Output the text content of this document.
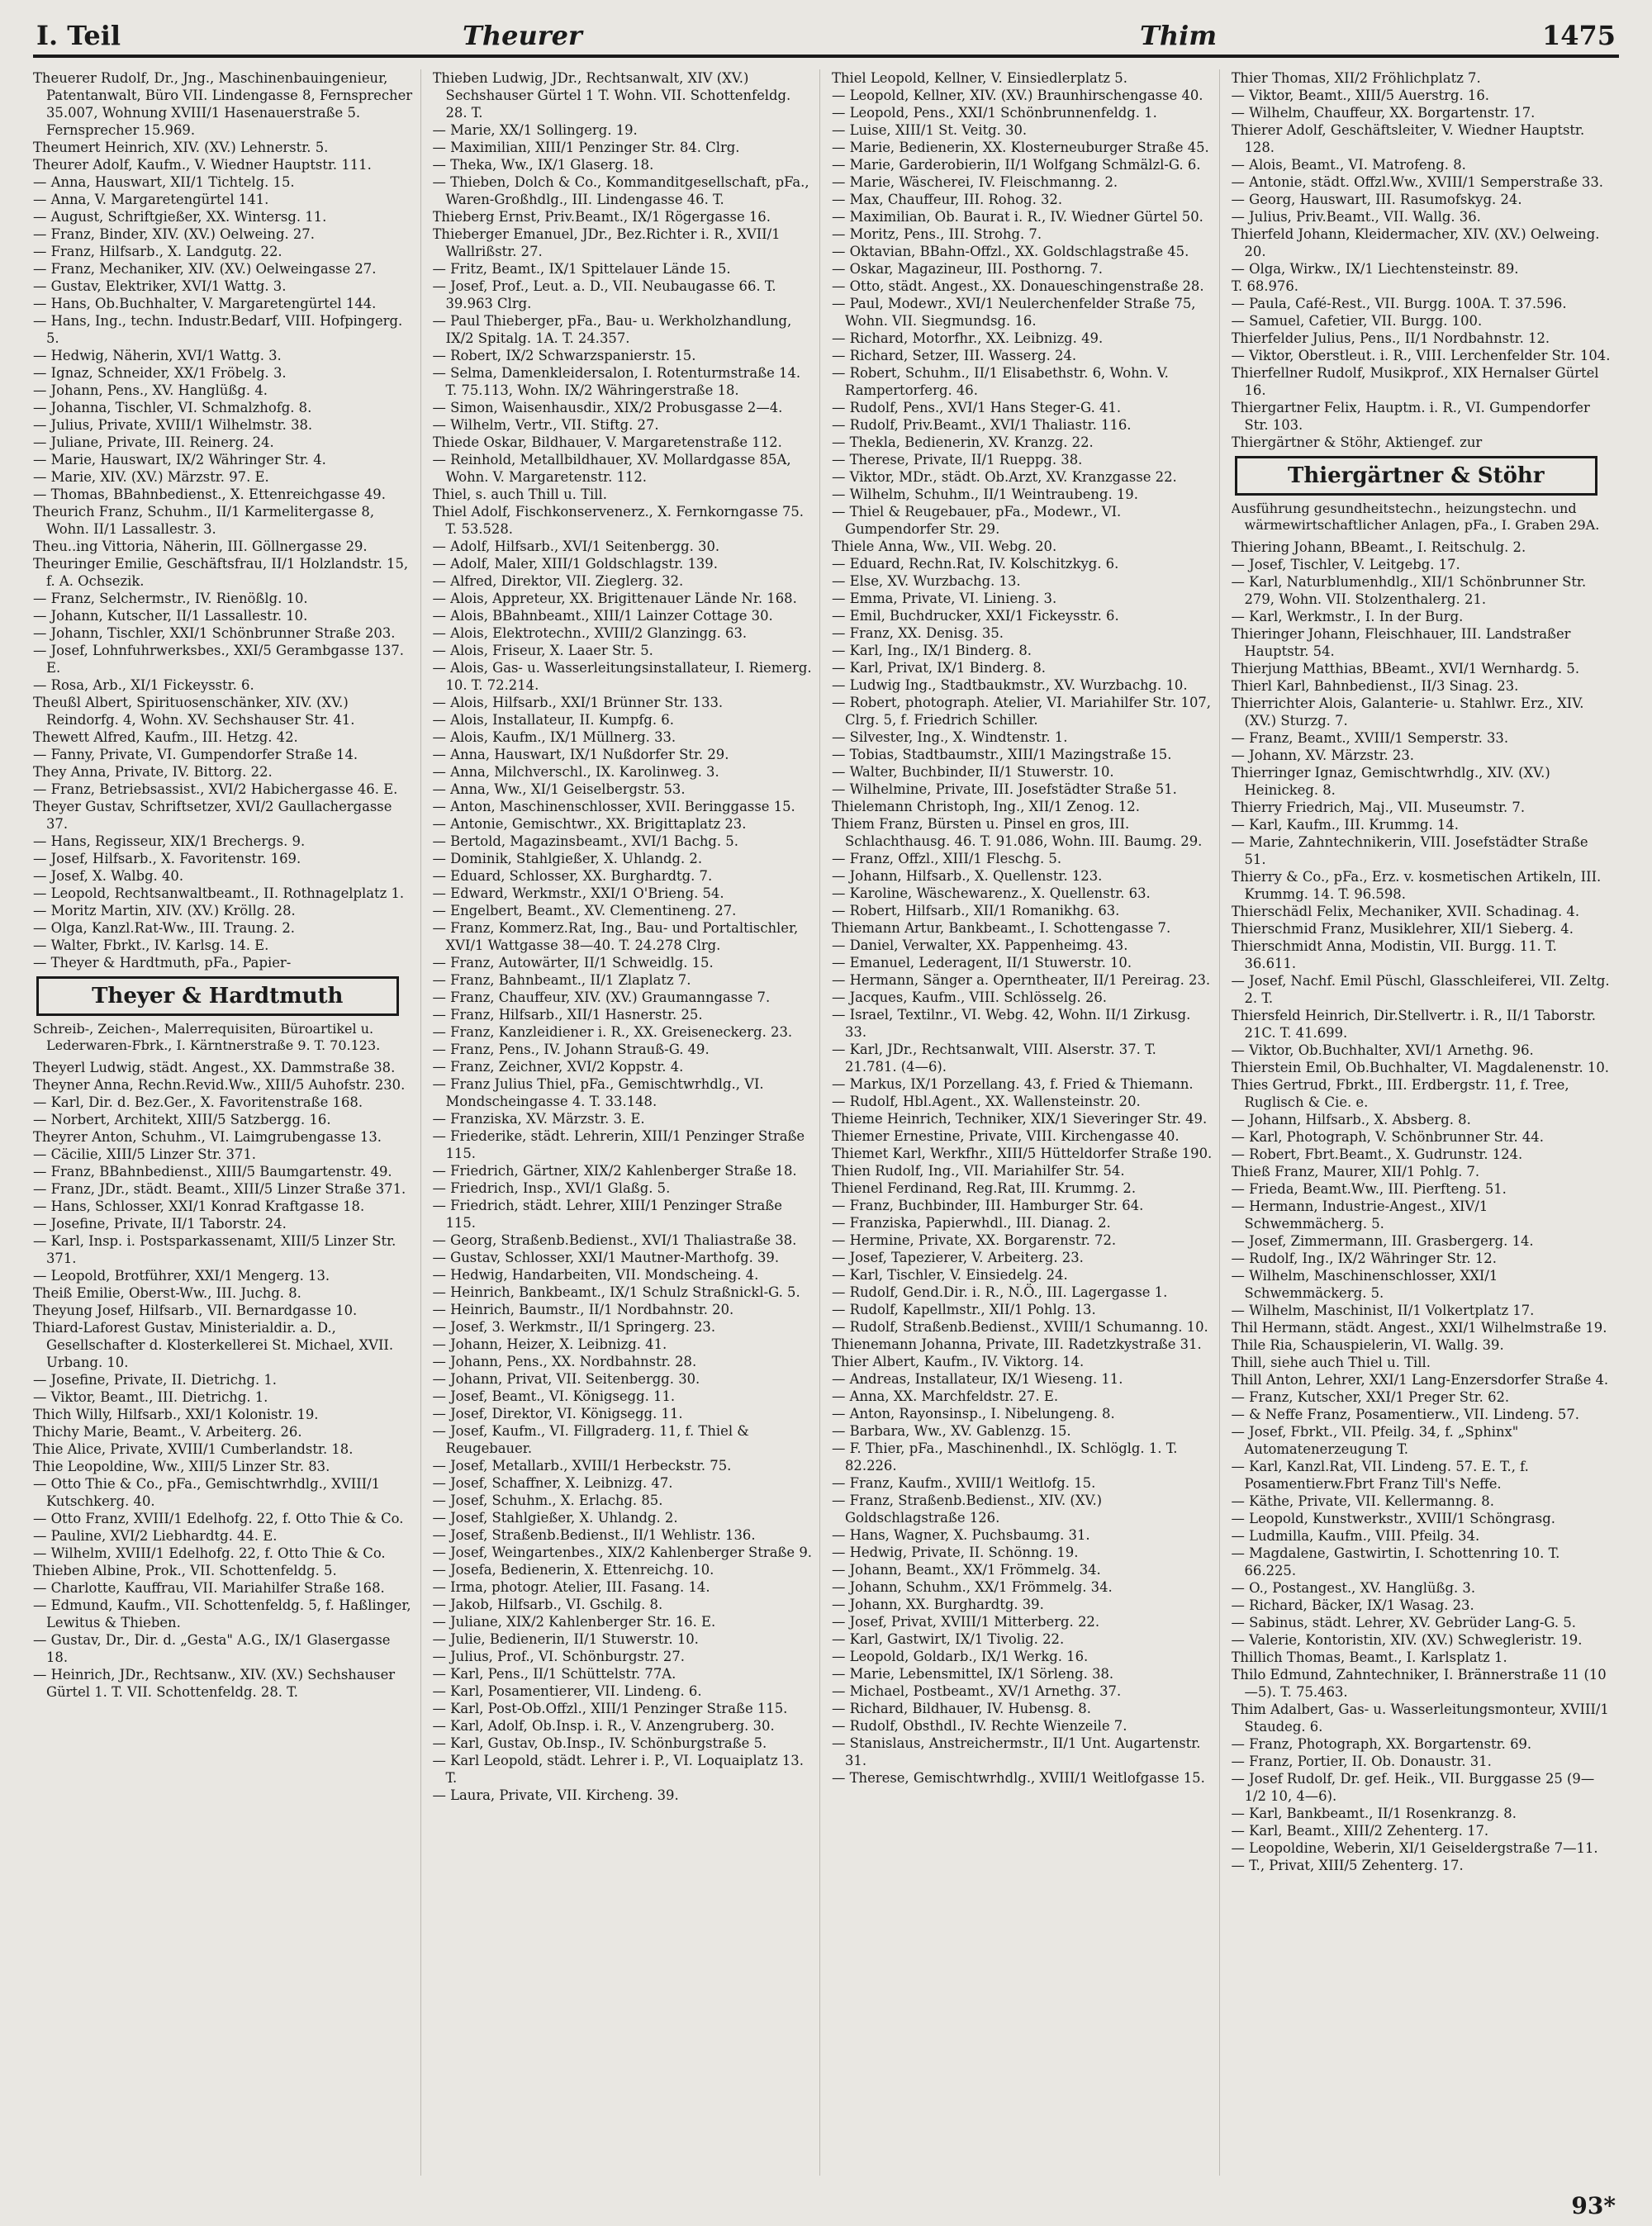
I. Teil	Theurer	Thim	1475
Theuerer Rudolf, Dr., Jng., Maschinenbauingenieur, Patentanwalt, Büro VII. Lindengasse 8, Fernsprecher 35.007, Wohnung XVIII/1 Hasenauerstraße 5. Fernsprecher 15.969.
Theumert Heinrich, XIV. (XV.) Lehnerstr. 5.
Theurer Adolf, Kaufm., V. Wiedner Hauptstr. 111.
— Anna, Hauswart, XII/1 Tichtelg. 15.
— Anna, V. Margaretengürtel 141.
— August, Schriftgießer, XX. Wintersg. 11.
— Franz, Binder, XIV. (XV.) Oelweing. 27.
— Franz, Hilfsarb., X. Landgutg. 22.
— Franz, Mechaniker, XIV. (XV.) Oelweingasse 27.
— Gustav, Elektriker, XVI/1 Wattg. 3.
— Hans, Ob.Buchhalter, V. Margaretengürtel 144.
— Hans, Ing., techn. Industr.Bedarf, VIII. Hofpingerg. 5.
— Hedwig, Näherin, XVI/1 Wattg. 3.
— Ignaz, Schneider, XX/1 Fröbelg. 3.
— Johann, Pens., XV. Hanglüßg. 4.
— Johanna, Tischler, VI. Schmalzhofg. 8.
— Julius, Private, XVIII/1 Wilhelmstr. 38.
— Juliane, Private, III. Reinerg. 24.
— Marie, Hauswart, IX/2 Währinger Str. 4.
— Marie, XIV. (XV.) Märzstr. 97. E.
— Thomas, BBahnbedienst., X. Ettenreichgasse 49.
Theurich Franz, Schuhm., II/1 Karmelitergasse 8, Wohn. II/1 Lassallestr. 3.
Theu..ing Vittoria, Näherin, III. Göllnergasse 29.
Theuringer Emilie, Geschäftsfrau, II/1 Holzlandstr. 15, f. A. Ochsezik.
— Franz, Selchermstr., IV. Rienößlg. 10.
— Johann, Kutscher, II/1 Lassallestr. 10.
— Johann, Tischler, XXI/1 Schönbrunner Straße 203.
— Josef, Lohnfuhrwerksbes., XXI/5 Gerambgasse 137. E.
— Rosa, Arb., XI/1 Fickeysstr. 6.
Theußl Albert, Spirituosenschänker, XIV. (XV.) Reindorfg. 4, Wohn. XV. Sechshauser Str. 41.
Thewett Alfred, Kaufm., III. Hetzg. 42.
— Fanny, Private, VI. Gumpendorfer Straße 14.
They Anna, Private, IV. Bittorg. 22.
— Franz, Betriebsassist., XVI/2 Habichergasse 46. E.
Theyer Gustav, Schriftsetzer, XVI/2 Gaullachergasse 37.
— Hans, Regisseur, XIX/1 Brechergs. 9.
— Josef, Hilfsarb., X. Favoritenstr. 169.
— Josef, X. Walbg. 40.
— Leopold, Rechtsanwaltbeamt., II. Rothnagelplatz 1.
— Moritz Martin, XIV. (XV.) Kröllg. 28.
— Olga, Kanzl.Rat-Ww., III. Traung. 2.
— Walter, Fbrkt., IV. Karlsg. 14. E.
— Theyer & Hardtmuth, pFa., Papier-
Theyer & Hardtmuth
Schreib-, Zeichen-, Malerrequisiten, Büroartikel u. Lederwaren-Fbrk., I. Kärntnerstraße 9. T. 70.123.
Theyerl Ludwig, städt. Angest., XX. Dammstraße 38.
Theyner Anna, Rechn.Revid.Ww., XIII/5 Auhofstr. 230.
— Karl, Dir. d. Bez.Ger., X. Favoritenstraße 168.
— Norbert, Architekt, XIII/5 Satzbergg. 16.
Theyrer Anton, Schuhm., VI. Laimgrubengasse 13.
— Cäcilie, XIII/5 Linzer Str. 371.
— Franz, BBahnbedienst., XIII/5 Baumgartenstr. 49.
— Franz, JDr., städt. Beamt., XIII/5 Linzer Straße 371.
— Hans, Schlosser, XXI/1 Konrad Kraftgasse 18.
— Josefine, Private, II/1 Taborstr. 24.
— Karl, Insp. i. Postsparkassenamt, XIII/5 Linzer Str. 371.
— Leopold, Brotführer, XXI/1 Mengerg. 13.
Theiß Emilie, Oberst-Ww., III. Juchg. 8.
Theyung Josef, Hilfsarb., VII. Bernardgasse 10.
Thiard-Laforest Gustav, Ministerialdir. a. D., Gesellschafter d. Klosterkellerei St. Michael, XVII. Urbang. 10.
— Josefine, Private, II. Dietrichg. 1.
— Viktor, Beamt., III. Dietrichg. 1.
Thich Willy, Hilfsarb., XXI/1 Kolonistr. 19.
Thichy Marie, Beamt., V. Arbeiterg. 26.
Thie Alice, Private, XVIII/1 Cumberlandstr. 18.
Thie Leopoldine, Ww., XIII/5 Linzer Str. 83.
— Otto Thie & Co., pFa., Gemischtwrhdlg., XVIII/1 Kutschkerg. 40.
— Otto Franz, XVIII/1 Edelhofg. 22, f. Otto Thie & Co.
— Pauline, XVI/2 Liebhardtg. 44. E.
— Wilhelm, XVIII/1 Edelhofg. 22, f. Otto Thie & Co.
Thieben Albine, Prok., VII. Schottenfeldg. 5.
— Charlotte, Kauffrau, VII. Mariahilfer Straße 168.
— Edmund, Kaufm., VII. Schottenfeldg. 5, f. Haßlinger, Lewitus & Thieben.
— Gustav, Dr., Dir. d. „Gesta" A.G., IX/1 Glasergasse 18.
— Heinrich, JDr., Rechtsanw., XIV. (XV.) Sechshauser Gürtel 1. T. VII. Schottenfeldg. 28. T.
Thieben Ludwig, JDr., Rechtsanwalt, XIV (XV.) Sechshauser Gürtel 1 T. Wohn. VII. Schottenfeldg. 28. T.
— Marie, XX/1 Sollingerg. 19.
— Maximilian, XIII/1 Penzinger Str. 84. Clrg.
— Theka, Ww., IX/1 Glaserg. 18.
— Thieben, Dolch & Co., Kommanditgesellschaft, pFa., Waren-Großhdlg., III. Lindengasse 46. T.
Thieberg Ernst, Priv.Beamt., IX/1 Rögergasse 16.
Thieberger Emanuel, JDr., Bez.Richter i. R., XVII/1 Wallrißstr. 27.
— Fritz, Beamt., IX/1 Spittelauer Lände 15.
— Josef, Prof., Leut. a. D., VII. Neubaugasse 66. T. 39.963 Clrg.
— Paul Thieberger, pFa., Bau- u. Werkholzhandlung, IX/2 Spitalg. 1A. T. 24.357.
— Robert, IX/2 Schwarzspanierstr. 15.
— Selma, Damenkleidersalon, I. Rotenturmstraße 14. T. 75.113, Wohn. IX/2 Währingerstraße 18.
— Simon, Waisenhausdir., XIX/2 Probusgasse 2—4.
— Wilhelm, Vertr., VII. Stiftg. 27.
Thiede Oskar, Bildhauer, V. Margaretenstraße 112.
— Reinhold, Metallbildhauer, XV. Mollardgasse 85A, Wohn. V. Margaretenstr. 112.
Thiel, s. auch Thill u. Till.
Thiel Adolf, Fischkonservenerz., X. Fernkorngasse 75. T. 53.528.
— Adolf, Hilfsarb., XVI/1 Seitenbergg. 30.
— Adolf, Maler, XIII/1 Goldschlagstr. 139.
— Alfred, Direktor, VII. Zieglerg. 32.
— Alois, Appreteur, XX. Brigittenauer Lände Nr. 168.
— Alois, BBahnbeamt., XIII/1 Lainzer Cottage 30.
— Alois, Elektrotechn., XVIII/2 Glanzingg. 63.
— Alois, Friseur, X. Laaer Str. 5.
— Alois, Gas- u. Wasserleitungsinstallateur, I. Riemerg. 10. T. 72.214.
— Alois, Hilfsarb., XXI/1 Brünner Str. 133.
— Alois, Installateur, II. Kumpfg. 6.
— Alois, Kaufm., IX/1 Müllnerg. 33.
— Anna, Hauswart, IX/1 Nußdorfer Str. 29.
— Anna, Milchverschl., IX. Karolinweg. 3.
— Anna, Ww., XI/1 Geiselbergstr. 53.
— Anton, Maschinenschlosser, XVII. Beringgasse 15.
— Antonie, Gemischtwr., XX. Brigittaplatz 23.
— Bertold, Magazinsbeamt., XVI/1 Bachg. 5.
— Dominik, Stahlgießer, X. Uhlandg. 2.
— Eduard, Schlosser, XX. Burghardtg. 7.
— Edward, Werkmstr., XXI/1 O'Brieng. 54.
— Engelbert, Beamt., XV. Clementineng. 27.
— Franz, Kommerz.Rat, Ing., Bau- und Portaltischler, XVI/1 Wattgasse 38—40. T. 24.278 Clrg.
— Franz, Autowärter, II/1 Schweidlg. 15.
— Franz, Bahnbeamt., II/1 Zlaplatz 7.
— Franz, Chauffeur, XIV. (XV.) Graumanngasse 7.
— Franz, Hilfsarb., XII/1 Hasnerstr. 25.
— Franz, Kanzleidiener i. R., XX. Greiseneckerg. 23.
— Franz, Pens., IV. Johann Strauß-G. 49.
— Franz, Zeichner, XVI/2 Koppstr. 4.
— Franz Julius Thiel, pFa., Gemischtwrhdlg., VI. Mondscheingasse 4. T. 33.148.
— Franziska, XV. Märzstr. 3. E.
— Friederike, städt. Lehrerin, XIII/1 Penzinger Straße 115.
— Friedrich, Gärtner, XIX/2 Kahlenberger Straße 18.
— Friedrich, Insp., XVI/1 Glaßg. 5.
— Friedrich, städt. Lehrer, XIII/1 Penzinger Straße 115.
— Georg, Straßenb.Bedienst., XVI/1 Thaliastraße 38.
— Gustav, Schlosser, XXI/1 Mautner-Marthofg. 39.
— Hedwig, Handarbeiten, VII. Mondscheing. 4.
— Heinrich, Bankbeamt., IX/1 Schulz Straßnickl-G. 5.
— Heinrich, Baumstr., II/1 Nordbahnstr. 20.
— Josef, 3. Werkmstr., II/1 Springerg. 23.
— Johann, Heizer, X. Leibnizg. 41.
— Johann, Pens., XX. Nordbahnstr. 28.
— Johann, Privat, VII. Seitenbergg. 30.
— Josef, Beamt., VI. Königsegg. 11.
— Josef, Direktor, VI. Königsegg. 11.
— Josef, Kaufm., VI. Fillgraderg. 11, f. Thiel & Reugebauer.
— Josef, Metallarb., XVIII/1 Herbeckstr. 75.
— Josef, Schaffner, X. Leibnizg. 47.
— Josef, Schuhm., X. Erlachg. 85.
— Josef, Stahlgießer, X. Uhlandg. 2.
— Josef, Straßenb.Bedienst., II/1 Wehlistr. 136.
— Josef, Weingartenbes., XIX/2 Kahlenberger Straße 9.
— Josefa, Bedienerin, X. Ettenreichg. 10.
— Irma, photogr. Atelier, III. Fasang. 14.
— Jakob, Hilfsarb., VI. Gschilg. 8.
— Juliane, XIX/2 Kahlenberger Str. 16. E.
— Julie, Bedienerin, II/1 Stuwerstr. 10.
— Julius, Prof., VI. Schönburgstr. 27.
— Karl, Pens., II/1 Schüttelstr. 77A.
— Karl, Posamentierer, VII. Lindeng. 6.
— Karl, Post-Ob.Offzl., XIII/1 Penzinger Straße 115.
— Karl, Adolf, Ob.Insp. i. R., V. Anzengruberg. 30.
— Karl, Gustav, Ob.Insp., IV. Schönburgstraße 5.
— Karl Leopold, städt. Lehrer i. P., VI. Loquaiplatz 13. T.
— Laura, Private, VII. Kircheng. 39.
Thiel Leopold, Kellner, V. Einsiedlerplatz 5.
— Leopold, Kellner, XIV. (XV.) Braunhirschengasse 40.
— Leopold, Pens., XXI/1 Schönbrunnenfeldg. 1.
— Luise, XIII/1 St. Veitg. 30.
— Marie, Bedienerin, XX. Klosterneuburger Straße 45.
— Marie, Garderobierin, II/1 Wolfgang Schmälzl-G. 6.
— Marie, Wäscherei, IV. Fleischmanng. 2.
— Max, Chauffeur, III. Rohog. 32.
— Maximilian, Ob. Baurat i. R., IV. Wiedner Gürtel 50.
— Moritz, Pens., III. Strohg. 7.
— Oktavian, BBahn-Offzl., XX. Goldschlagstraße 45.
— Oskar, Magazineur, III. Posthorng. 7.
— Otto, städt. Angest., XX. Donaueschingenstraße 28.
— Paul, Modewr., XVI/1 Neulerchenfelder Straße 75, Wohn. VII. Siegmundsg. 16.
— Richard, Motorfhr., XX. Leibnizg. 49.
— Richard, Setzer, III. Wasserg. 24.
— Robert, Schuhm., II/1 Elisabethstr. 6, Wohn. V. Rampertorferg. 46.
— Rudolf, Pens., XVI/1 Hans Steger-G. 41.
— Rudolf, Priv.Beamt., XVI/1 Thaliastr. 116.
— Thekla, Bedienerin, XV. Kranzg. 22.
— Therese, Private, II/1 Rueppg. 38.
— Viktor, MDr., städt. Ob.Arzt, XV. Kranzgasse 22.
— Wilhelm, Schuhm., II/1 Weintraubeng. 19.
— Thiel & Reugebauer, pFa., Modewr., VI. Gumpendorfer Str. 29.
Thiele Anna, Ww., VII. Webg. 20.
— Eduard, Rechn.Rat, IV. Kolschitzkyg. 6.
— Else, XV. Wurzbachg. 13.
— Emma, Private, VI. Linieng. 3.
— Emil, Buchdrucker, XXI/1 Fickeysstr. 6.
— Franz, XX. Denisg. 35.
— Karl, Ing., IX/1 Binderg. 8.
— Karl, Privat, IX/1 Binderg. 8.
— Ludwig Ing., Stadtbaukmstr., XV. Wurzbachg. 10.
— Robert, photograph. Atelier, VI. Mariahilfer Str. 107, Clrg. 5, f. Friedrich Schiller.
— Silvester, Ing., X. Windtenstr. 1.
— Tobias, Stadtbaumstr., XIII/1 Mazingstraße 15.
— Walter, Buchbinder, II/1 Stuwerstr. 10.
— Wilhelmine, Private, III. Josefstädter Straße 51.
Thielemann Christoph, Ing., XII/1 Zenog. 12.
Thiem Franz, Bürsten u. Pinsel en gros, III. Schlachthausg. 46. T. 91.086, Wohn. III. Baumg. 29.
— Franz, Offzl., XIII/1 Fleschg. 5.
— Johann, Hilfsarb., X. Quellenstr. 123.
— Karoline, Wäschewarenz., X. Quellenstr. 63.
— Robert, Hilfsarb., XII/1 Romanikhg. 63.
Thiemann Artur, Bankbeamt., I. Schottengasse 7.
— Daniel, Verwalter, XX. Pappenheimg. 43.
— Emanuel, Lederagent, II/1 Stuwerstr. 10.
— Hermann, Sänger a. Operntheater, II/1 Pereirag. 23.
— Jacques, Kaufm., VIII. Schlösselg. 26.
— Israel, Textilnr., VI. Webg. 42, Wohn. II/1 Zirkusg. 33.
— Karl, JDr., Rechtsanwalt, VIII. Alserstr. 37. T. 21.781. (4—6).
— Markus, IX/1 Porzellang. 43, f. Fried & Thiemann.
— Rudolf, Hbl.Agent., XX. Wallensteinstr. 20.
Thieme Heinrich, Techniker, XIX/1 Sieveringer Str. 49.
Thiemer Ernestine, Private, VIII. Kirchengasse 40.
Thiemet Karl, Werkfhr., XIII/5 Hütteldorfer Straße 190.
Thien Rudolf, Ing., VII. Mariahilfer Str. 54.
Thienel Ferdinand, Reg.Rat, III. Krummg. 2.
— Franz, Buchbinder, III. Hamburger Str. 64.
— Franziska, Papierwhdl., III. Dianag. 2.
— Hermine, Private, XX. Borgarenstr. 72.
— Josef, Tapezierer, V. Arbeiterg. 23.
— Karl, Tischler, V. Einsiedelg. 24.
— Rudolf, Gend.Dir. i. R., N.Ö., III. Lagergasse 1.
— Rudolf, Kapellmstr., XII/1 Pohlg. 13.
— Rudolf, Straßenb.Bedienst., XVIII/1 Schumanng. 10.
Thienemann Johanna, Private, III. Radetzkystraße 31.
Thier Albert, Kaufm., IV. Viktorg. 14.
— Andreas, Installateur, IX/1 Wieseng. 11.
— Anna, XX. Marchfeldstr. 27. E.
— Anton, Rayonsinsp., I. Nibelungeng. 8.
— Barbara, Ww., XV. Gablenzg. 15.
— F. Thier, pFa., Maschinenhdl., IX. Schlöglg. 1. T. 82.226.
— Franz, Kaufm., XVIII/1 Weitlofg. 15.
— Franz, Straßenb.Bedienst., XIV. (XV.) Goldschlagstraße 126.
— Hans, Wagner, X. Puchsbaumg. 31.
— Hedwig, Private, II. Schönng. 19.
— Johann, Beamt., XX/1 Frömmelg. 34.
— Johann, Schuhm., XX/1 Frömmelg. 34.
— Johann, XX. Burghardtg. 39.
— Josef, Privat, XVIII/1 Mitterberg. 22.
— Karl, Gastwirt, IX/1 Tivolig. 22.
— Leopold, Goldarb., IX/1 Werkg. 16.
— Marie, Lebensmittel, IX/1 Sörleng. 38.
— Michael, Postbeamt., XV/1 Arnethg. 37.
— Richard, Bildhauer, IV. Hubensg. 8.
— Rudolf, Obsthdl., IV. Rechte Wienzeile 7.
— Stanislaus, Anstreichermstr., II/1 Unt. Augartenstr. 31.
— Therese, Gemischtwrhdlg., XVIII/1 Weitlofgasse 15.
Thier Thomas, XII/2 Fröhlichplatz 7.
— Viktor, Beamt., XIII/5 Auerstrg. 16.
— Wilhelm, Chauffeur, XX. Borgartenstr. 17.
Thierer Adolf, Geschäftsleiter, V. Wiedner Hauptstr. 128.
— Alois, Beamt., VI. Matrofeng. 8.
— Antonie, städt. Offzl.Ww., XVIII/1 Semperstraße 33.
— Georg, Hauswart, III. Rasumofskyg. 24.
— Julius, Priv.Beamt., VII. Wallg. 36.
Thierfeld Johann, Kleidermacher, XIV. (XV.) Oelweing. 20.
— Olga, Wirkw., IX/1 Liechtensteinstr. 89.
T. 68.976.
— Paula, Café-Rest., VII. Burgg. 100A. T. 37.596.
— Samuel, Cafetier, VII. Burgg. 100.
Thierfelder Julius, Pens., II/1 Nordbahnstr. 12.
— Viktor, Oberstleut. i. R., VIII. Lerchenfelder Str. 104.
Thierfellner Rudolf, Musikprof., XIX Hernalser Gürtel 16.
Thiergartner Felix, Hauptm. i. R., VI. Gumpendorfer Str. 103.
Thiergärtner & Stöhr, Aktiengef. zur
Thiergärtner & Stöhr
Ausführung gesundheitstechn., heizungstechn. und wärmewirtschaftlicher Anlagen, pFa., I. Graben 29A.
Thiering Johann, BBeamt., I. Reitschulg. 2.
— Josef, Tischler, V. Leitgebg. 17.
— Karl, Naturblumenhdlg., XII/1 Schönbrunner Str. 279, Wohn. VII. Stolzenthalerg. 21.
— Karl, Werkmstr., I. In der Burg.
Thieringer Johann, Fleischhauer, III. Landstraßer Hauptstr. 54.
Thierjung Matthias, BBeamt., XVI/1 Wernhardg. 5.
Thierl Karl, Bahnbedienst., II/3 Sinag. 23.
Thierrichter Alois, Galanterie- u. Stahlwr. Erz., XIV. (XV.) Sturzg. 7.
— Franz, Beamt., XVIII/1 Semperstr. 33.
— Johann, XV. Märzstr. 23.
Thierringer Ignaz, Gemischtwrhdlg., XIV. (XV.) Heinickeg. 8.
Thierry Friedrich, Maj., VII. Museumstr. 7.
— Karl, Kaufm., III. Krummg. 14.
— Marie, Zahntechnikerin, VIII. Josefstädter Straße 51.
Thierry & Co., pFa., Erz. v. kosmetischen Artikeln, III. Krummg. 14. T. 96.598.
Thierschädl Felix, Mechaniker, XVII. Schadinag. 4.
Thierschmid Franz, Musiklehrer, XII/1 Sieberg. 4.
Thierschmidt Anna, Modistin, VII. Burgg. 11. T. 36.611.
— Josef, Nachf. Emil Püschl, Glasschleiferei, VII. Zeltg. 2. T.
Thiersfeld Heinrich, Dir.Stellvertr. i. R., II/1 Taborstr. 21C. T. 41.699.
— Viktor, Ob.Buchhalter, XVI/1 Arnethg. 96.
Thierstein Emil, Ob.Buchhalter, VI. Magdalenenstr. 10.
Thies Gertrud, Fbrkt., III. Erdbergstr. 11, f. Tree, Ruglisch & Cie. e.
— Johann, Hilfsarb., X. Absberg. 8.
— Karl, Photograph, V. Schönbrunner Str. 44.
— Robert, Fbrt.Beamt., X. Gudrunstr. 124.
Thieß Franz, Maurer, XII/1 Pohlg. 7.
— Frieda, Beamt.Ww., III. Pierfteng. 51.
— Hermann, Industrie-Angest., XIV/1 Schwemmächerg. 5.
— Josef, Zimmermann, III. Grasbergerg. 14.
— Rudolf, Ing., IX/2 Währinger Str. 12.
— Wilhelm, Maschinenschlosser, XXI/1 Schwemmäckerg. 5.
— Wilhelm, Maschinist, II/1 Volkertplatz 17.
Thil Hermann, städt. Angest., XXI/1 Wilhelmstraße 19.
Thile Ria, Schauspielerin, VI. Wallg. 39.
Thill, siehe auch Thiel u. Till.
Thill Anton, Lehrer, XXI/1 Lang-Enzersdorfer Straße 4.
— Franz, Kutscher, XXI/1 Preger Str. 62.
— & Neffe Franz, Posamentierw., VII. Lindeng. 57.
— Josef, Fbrkt., VII. Pfeilg. 34, f. „Sphinx" Automatenerzeugung T.
— Karl, Kanzl.Rat, VII. Lindeng. 57. E. T., f. Posamentierw.Fbrt Franz Till's Neffe.
— Käthe, Private, VII. Kellermanng. 8.
— Leopold, Kunstwerkstr., XVIII/1 Schöngrasg.
— Ludmilla, Kaufm., VIII. Pfeilg. 34.
— Magdalene, Gastwirtin, I. Schottenring 10. T. 66.225.
— O., Postangest., XV. Hanglüßg. 3.
— Richard, Bäcker, IX/1 Wasag. 23.
— Sabinus, städt. Lehrer, XV. Gebrüder Lang-G. 5.
— Valerie, Kontoristin, XIV. (XV.) Schwegleristr. 19.
Thillich Thomas, Beamt., I. Karlsplatz 1.
Thilo Edmund, Zahntechniker, I. Brännerstraße 11 (10—5). T. 75.463.
Thim Adalbert, Gas- u. Wasserleitungsmonteur, XVIII/1 Staudeg. 6.
— Franz, Photograph, XX. Borgartenstr. 69.
— Franz, Portier, II. Ob. Donaustr. 31.
— Josef Rudolf, Dr. gef. Heik., VII. Burggasse 25 (9—1/2 10, 4—6).
— Karl, Bankbeamt., II/1 Rosenkranzg. 8.
— Karl, Beamt., XIII/2 Zehenterg. 17.
— Leopoldine, Weberin, XI/1 Geiseldergstraße 7—11.
— T., Privat, XIII/5 Zehenterg. 17.
93*
